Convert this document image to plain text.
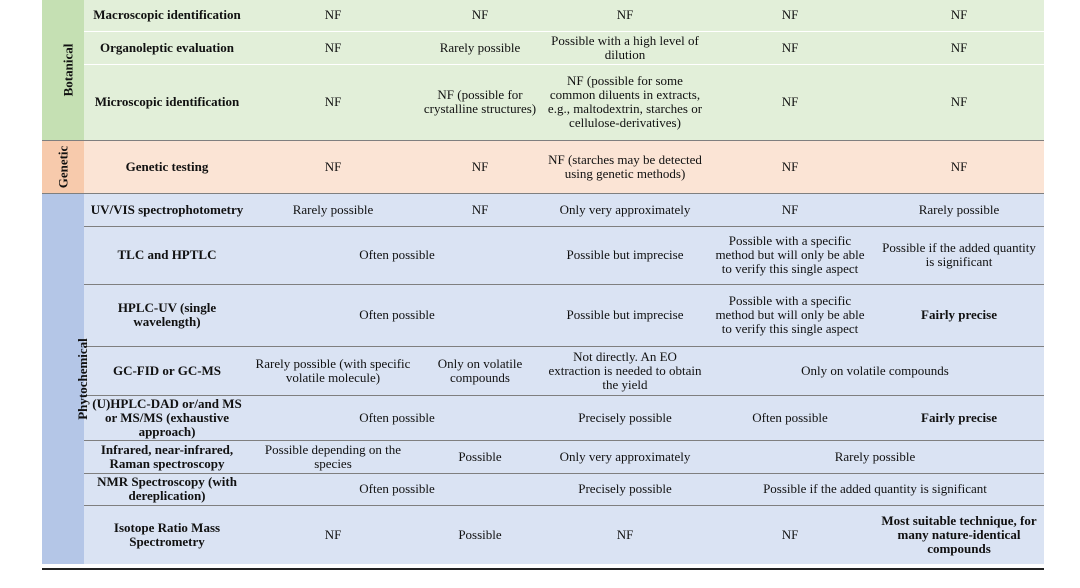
Botanical	Macroscopic identification	NF	NF	NF	NF	NF
	Organoleptic evaluation	NF	Rarely possible	Possible with a high level of dilution	NF	NF
	Microscopic identification	NF	NF (possible for crystalline structures)	NF (possible for some common diluents in extracts, e.g., maltodextrin, starches or cellulose-derivatives)	NF	NF
Genetic	Genetic testing	NF	NF	NF (starches may be detected using genetic methods)	NF	NF
Phytochemical	UV/VIS spectrophotometry	Rarely possible	NF	Only very approximately	NF	Rarely possible
	TLC and HPTLC	Often possible		Possible but imprecise	Possible with a specific method but will only be able to verify this single aspect	Possible if the added quantity is significant
	HPLC-UV (single wavelength)	Often possible		Possible but imprecise	Possible with a specific method but will only be able to verify this single aspect	Fairly precise
	GC-FID or GC-MS	Rarely possible (with specific volatile molecule)	Only on volatile compounds	Not directly. An EO extraction is needed to obtain the yield	Only on volatile compounds	
	(U)HPLC-DAD or/and MS or MS/MS (exhaustive approach)	Often possible		Precisely possible	Often possible	Fairly precise
	Infrared, near-infrared, Raman spectroscopy	Possible depending on the species	Possible	Only very approximately	Rarely possible	
	NMR Spectroscopy (with dereplication)	Often possible		Precisely possible	Possible if the added quantity is significant	
	Isotope Ratio Mass Spectrometry	NF	Possible	NF	NF	Most suitable technique, for many nature-identical compounds
